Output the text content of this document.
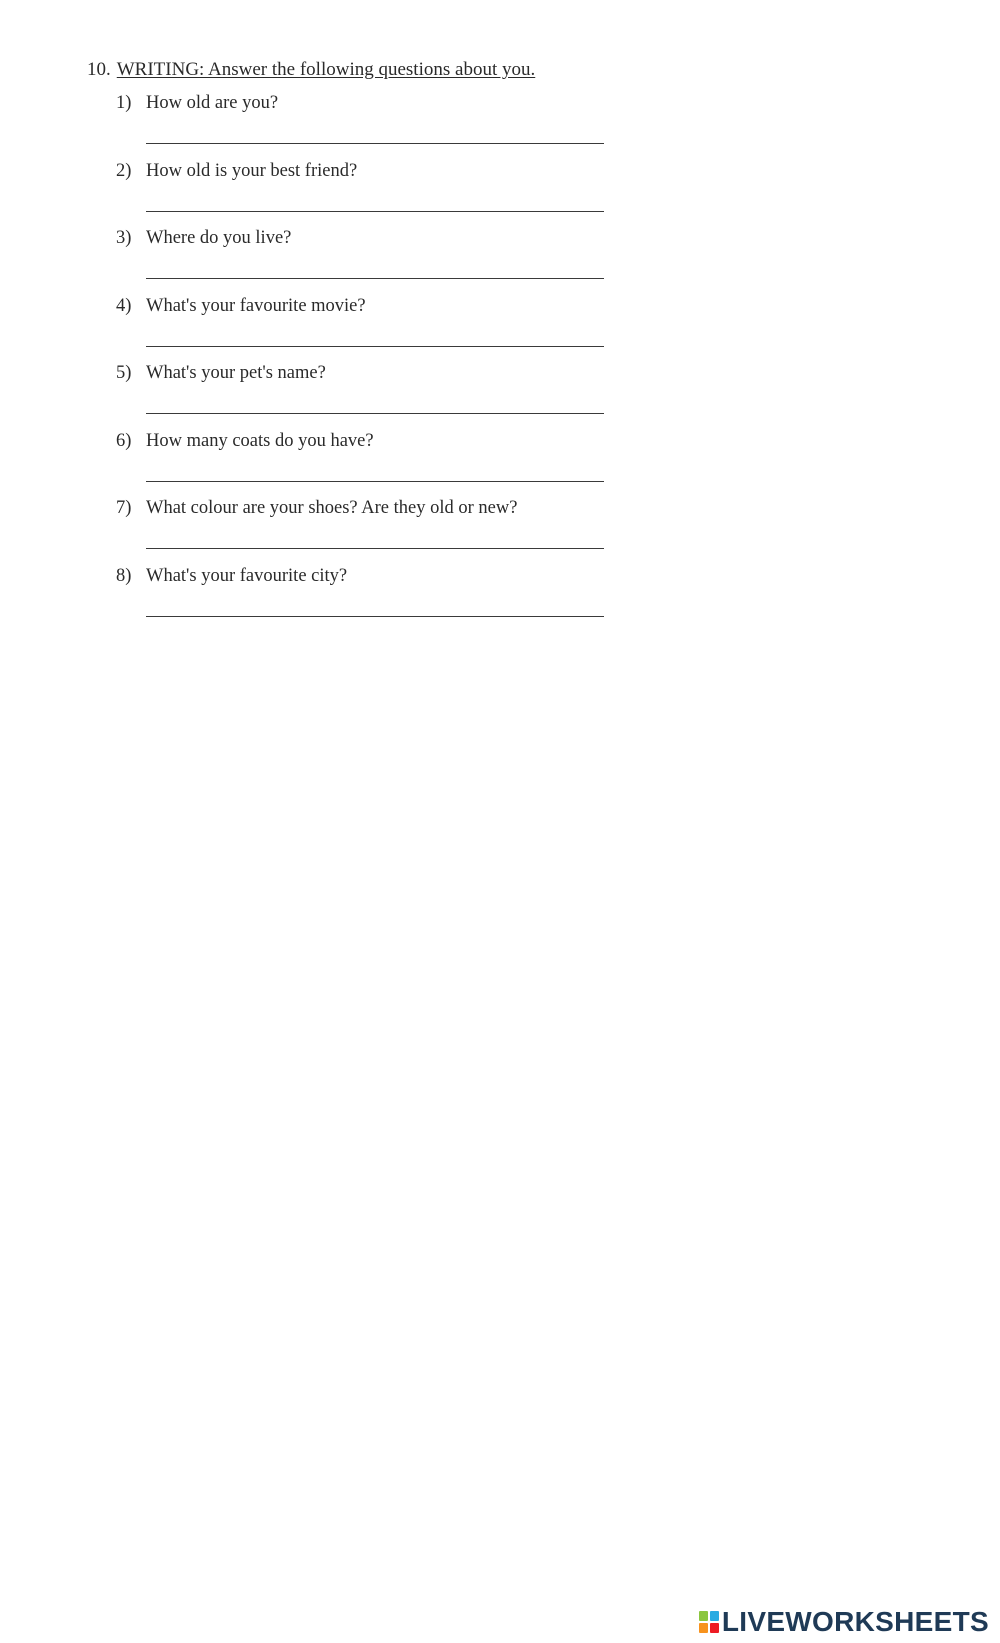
10. WRITING: Answer the following questions about you.
1) How old are you?
2) How old is your best friend?
3) Where do you live?
4) What's your favourite movie?
5) What's your pet's name?
6) How many coats do you have?
7) What colour are your shoes? Are they old or new?
8) What's your favourite city?
LIVEWORKSHEETS
